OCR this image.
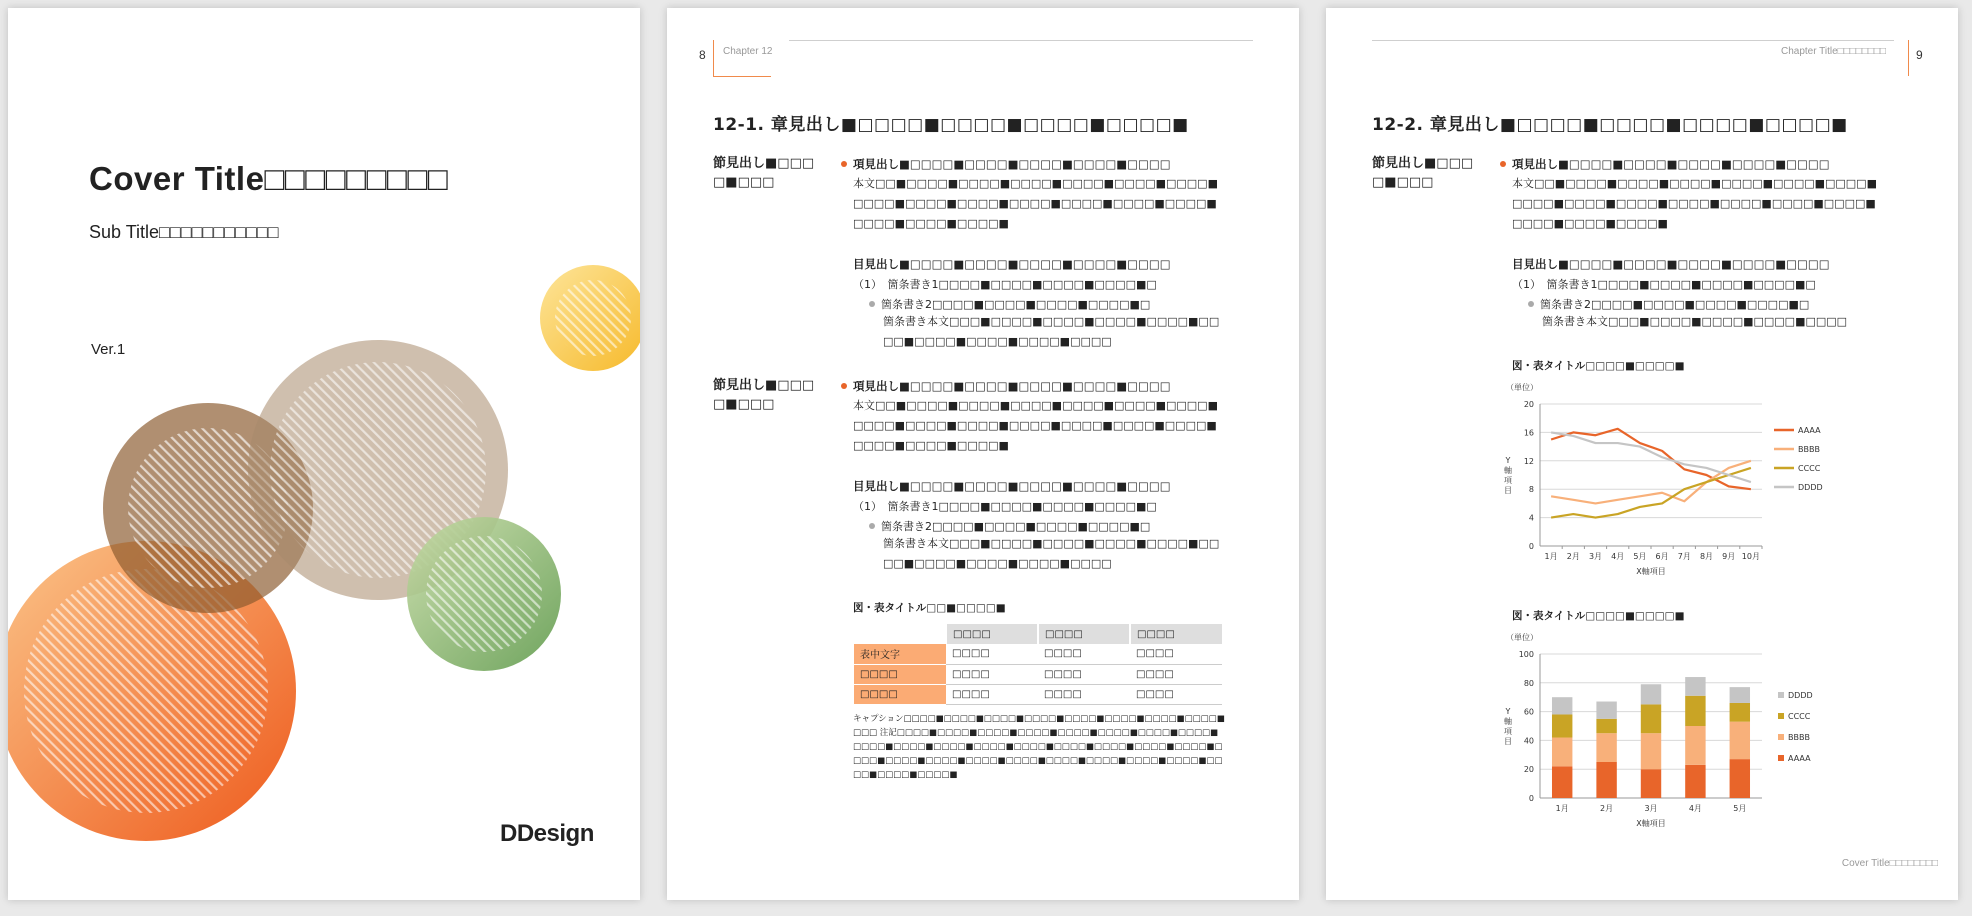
Cover Title□□□□□□□□□
Sub Title□□□□□□□□□□□
Ver.1
DDesign
8 Chapter 12
12-1. 章見出し■□□□□■□□□□■□□□□■□□□□■
節見出し■□□□□■□□□
項見出し■□□□□■□□□□■□□□□■□□□□■□□□□
本文□□■□□□□■□□□□■□□□□■□□□□■□□□□■□□□□■□□□□■□□□□■□□□□■□□□□■□□□□■□□□□■□□□□■□□□□■□□□□■□□□□■
目見出し■□□□□■□□□□■□□□□■□□□□■□□□□
（1）　箇条書き1□□□□■□□□□■□□□□■□□□□■□
箇条書き2□□□□■□□□□■□□□□■□□□□■□
箇条書き本文□□□■□□□□■□□□□■□□□□■□□□□■□□□□■□□□□■□□□□■□□□□■□□□□
節見出し■□□□□■□□□
項見出し■□□□□■□□□□■□□□□■□□□□■□□□□
本文□□■□□□□■□□□□■□□□□■□□□□■□□□□■□□□□■□□□□■□□□□■□□□□■□□□□■□□□□■□□□□■□□□□■□□□□■□□□□■□□□□■
目見出し■□□□□■□□□□■□□□□■□□□□■□□□□
（1）　箇条書き1□□□□■□□□□■□□□□■□□□□■□
箇条書き2□□□□■□□□□■□□□□■□□□□■□
箇条書き本文□□□■□□□□■□□□□■□□□□■□□□□■□□□□■□□□□■□□□□■□□□□■□□□□
図・表タイトル□□■□□□□■
	□□□□	□□□□	□□□□
表中文字	□□□□	□□□□	□□□□
□□□□	□□□□	□□□□	□□□□
□□□□	□□□□	□□□□	□□□□
キャプション□□□□■□□□□■□□□□■□□□□■□□□□■□□□□■□□□□■□□□□■□□□ 注記□□□□■□□□□■□□□□■□□□□■□□□□■□□□□■□□□□■□□□□■□□□□■□□□□■□□□□■□□□□■□□□□■□□□□■□□□□■□□□□■□□□□■□□□□■□□□□■□□□□■□□□□■□□□□■□□□□■□□□□■□□□□■□□□□■□□□□■□□□□■□□□□■
Chapter Title□□□□□□□□	9
12-2. 章見出し■□□□□■□□□□■□□□□■□□□□■
節見出し■□□□□■□□□
項見出し■□□□□■□□□□■□□□□■□□□□■□□□□
本文□□■□□□□■□□□□■□□□□■□□□□■□□□□■□□□□■□□□□■□□□□■□□□□■□□□□■□□□□■□□□□■□□□□■□□□□■□□□□■□□□□■
目見出し■□□□□■□□□□■□□□□■□□□□■□□□□
（1）　箇条書き1□□□□■□□□□■□□□□■□□□□■□
箇条書き2□□□□■□□□□■□□□□■□□□□■□
箇条書き本文□□□■□□□□■□□□□■□□□□■□□□□
図・表タイトル□□□□■□□□□■
（単位）
0
4
8
12
16
20
Y
軸
項
目
X軸項目
1月 2月 3月 4月 5月 6月 7月 8月 9月 10月
AAAA
BBBB
CCCC
DDDD
図・表タイトル□□□□■□□□□■
（単位）
0
20
40
60
80
100
Y
軸
項
目
X軸項目
1月	2月	3月	4月	5月
DDDD
CCCC
BBBB
AAAA
Cover Title□□□□□□□□
